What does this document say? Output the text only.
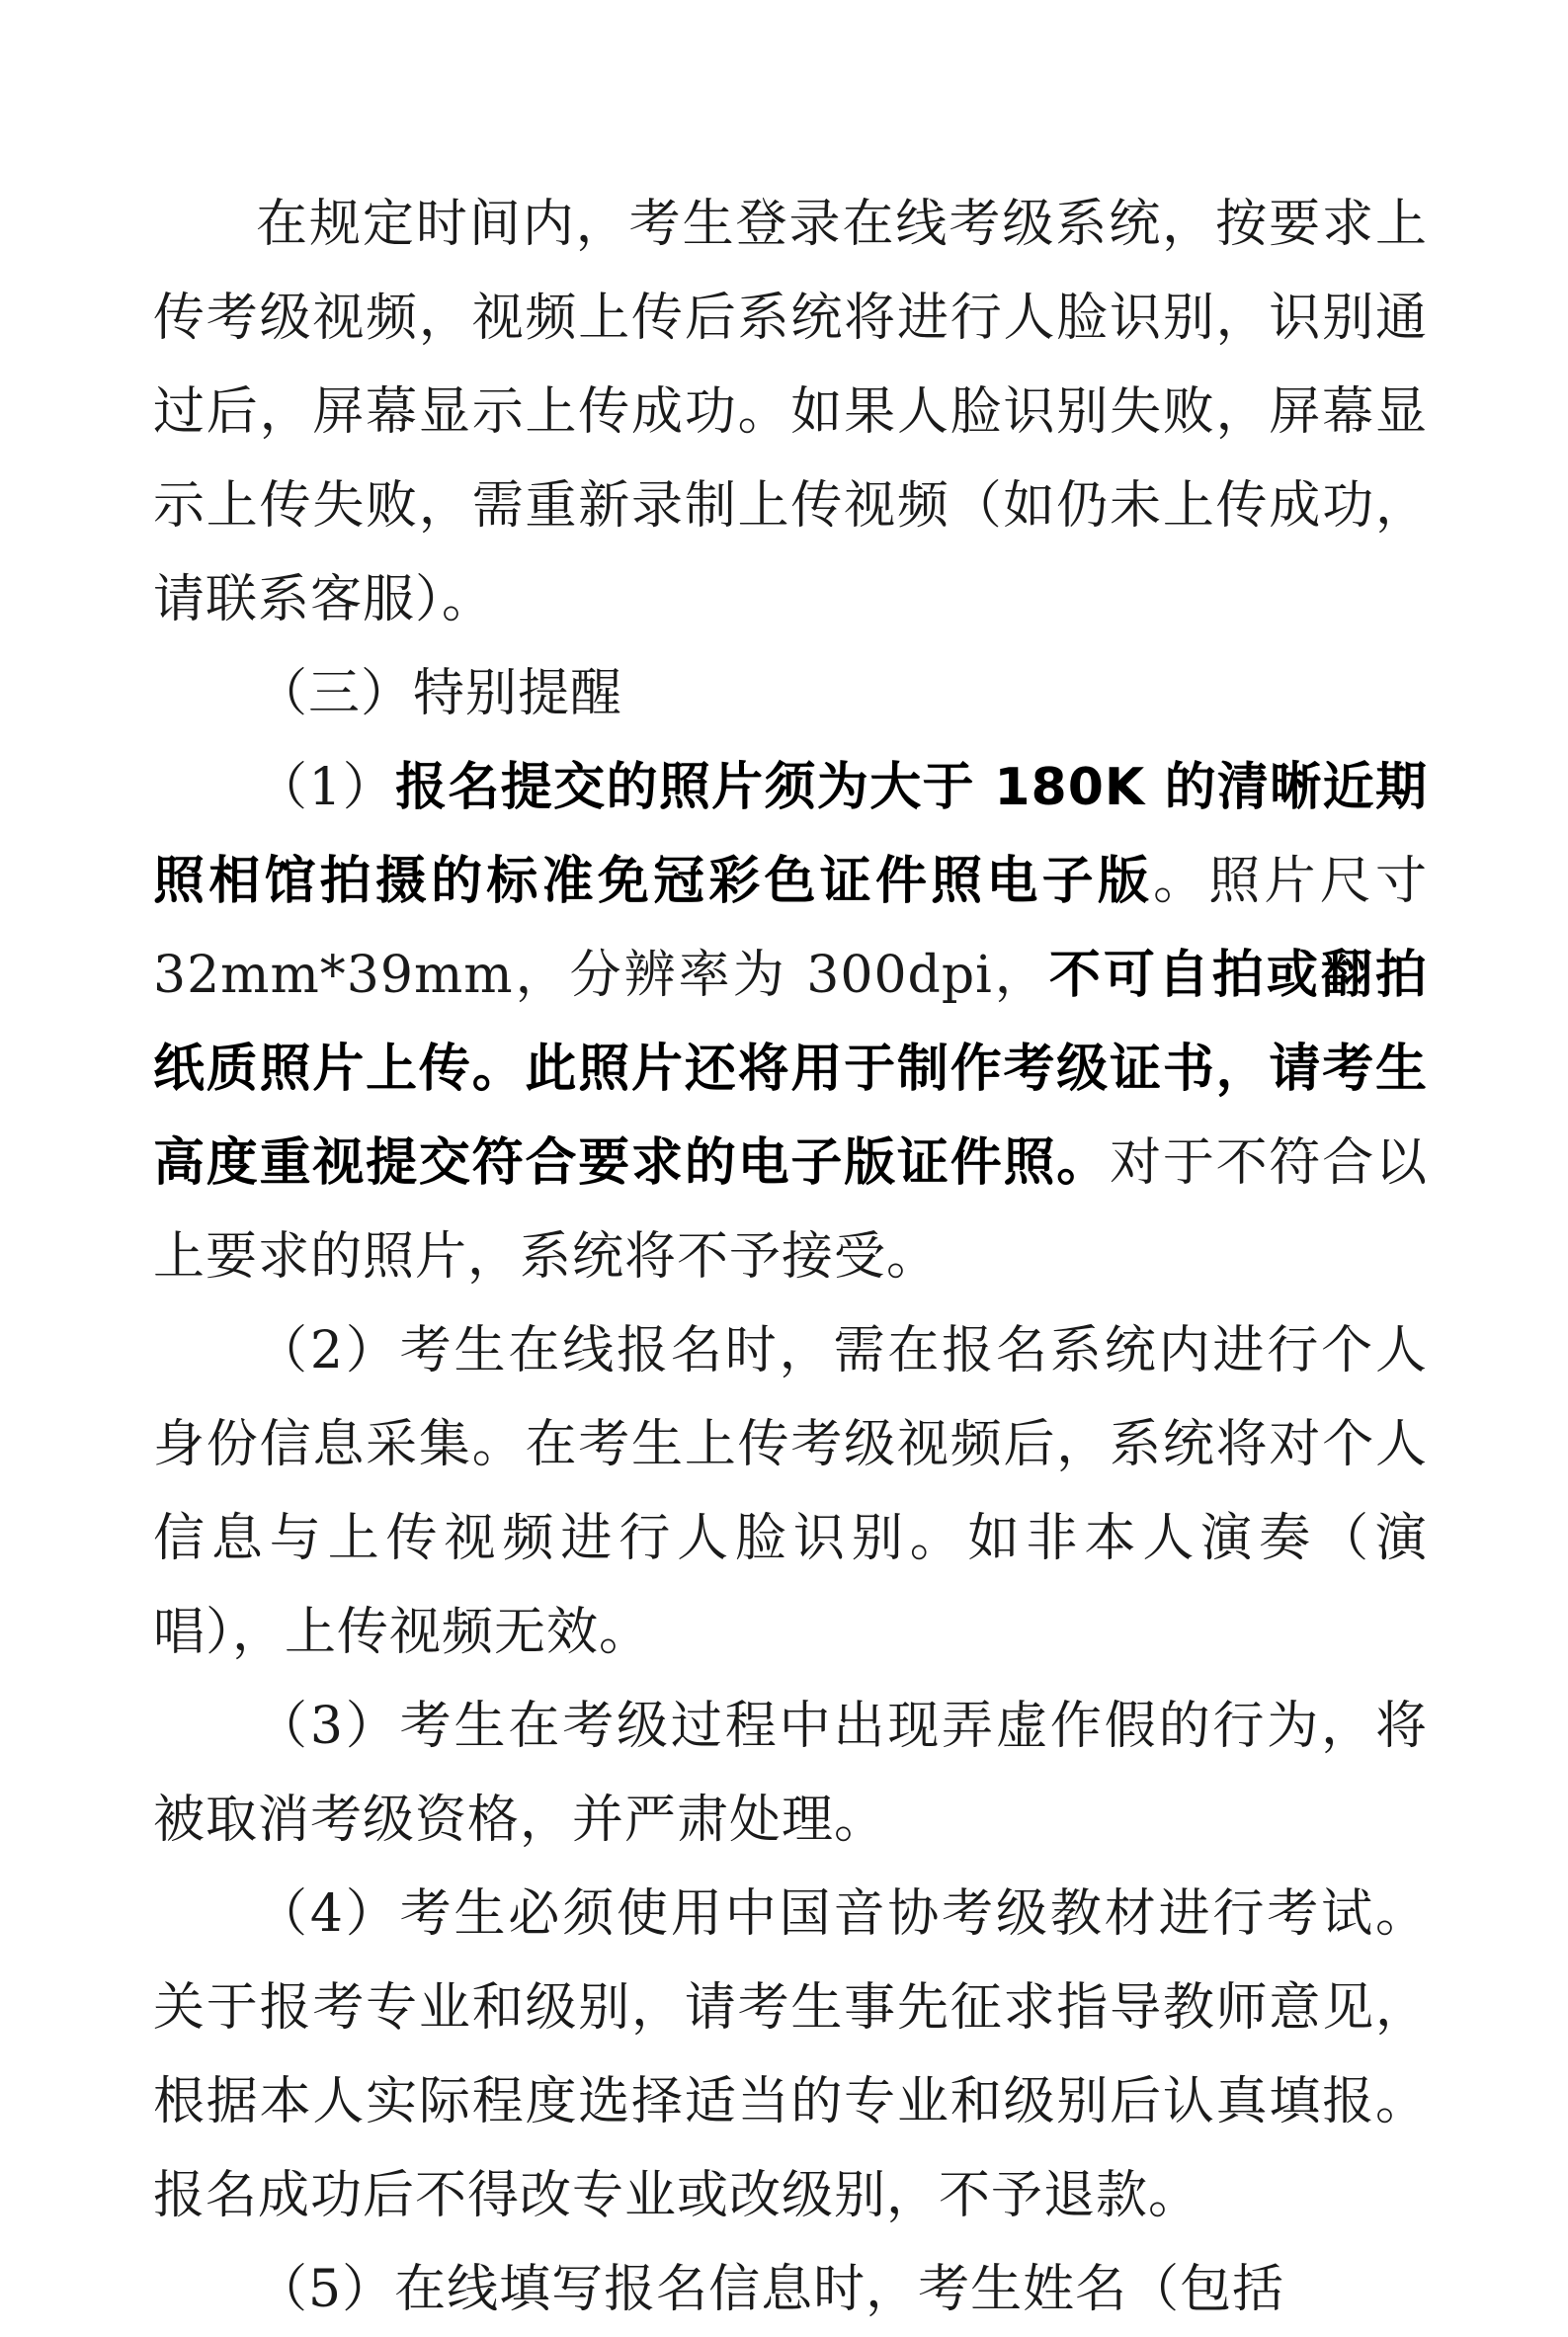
在规定时间内，考生登录在线考级系统，按要求上传考级视频，视频上传后系统将进行人脸识别，识别通过后，屏幕显示上传成功。如果人脸识别失败，屏幕显示上传失败，需重新录制上传视频（如仍未上传成功，请联系客服）。

（三）特别提醒

（1）报名提交的照片须为大于 180K 的清晰近期照相馆拍摄的标准免冠彩色证件照电子版。照片尺寸 32mm*39mm，分辨率为 300dpi，不可自拍或翻拍纸质照片上传。此照片还将用于制作考级证书，请考生高度重视提交符合要求的电子版证件照。对于不符合以上要求的照片，系统将不予接受。

（2）考生在线报名时，需在报名系统内进行个人身份信息采集。在考生上传考级视频后，系统将对个人信息与上传视频进行人脸识别。如非本人演奏（演唱），上传视频无效。

（3）考生在考级过程中出现弄虚作假的行为，将被取消考级资格，并严肃处理。

（4）考生必须使用中国音协考级教材进行考试。关于报考专业和级别，请考生事先征求指导教师意见，根据本人实际程度选择适当的专业和级别后认真填报。报名成功后不得改专业或改级别，不予退款。

（5）在线填写报名信息时，考生姓名（包括
